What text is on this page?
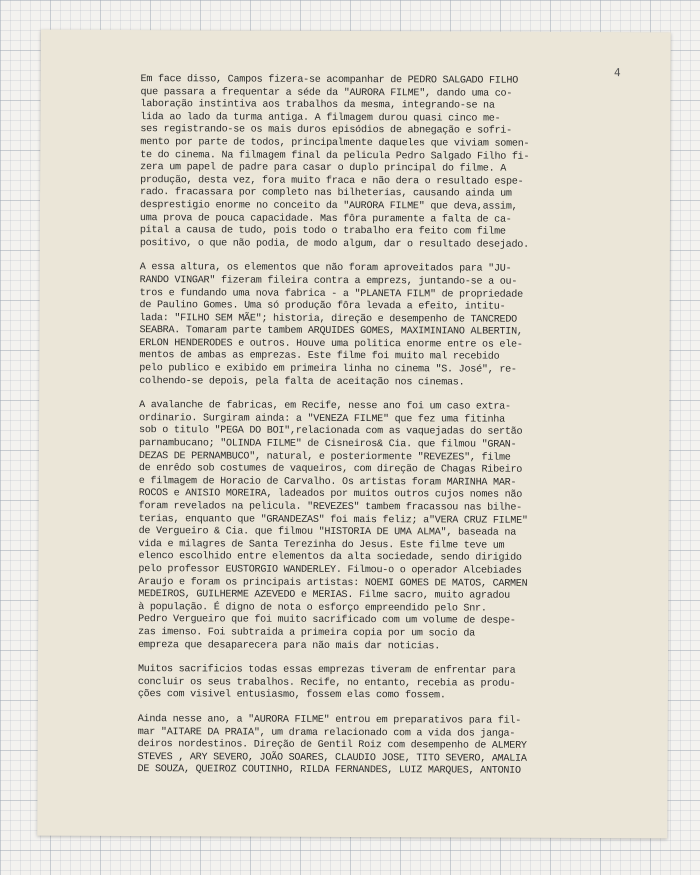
4
Em face disso, Campos fizera-se acompanhar de PEDRO SALGADO FILHO
que passara a frequentar a séde da "AURORA FILME", dando uma co-
laboração instintiva aos trabalhos da mesma, integrando-se na
lida ao lado da turma antiga. A filmagem durou quasi cinco me-
ses registrando-se os mais duros episódios de abnegação e sofri-
mento por parte de todos, principalmente daqueles que viviam somen-
te do cinema. Na filmagem final da pelicula Pedro Salgado Filho fi-
zera um papel de padre para casar o duplo principal do filme. A
produção, desta vez, fora muito fraca e não dera o resultado espe-
rado. fracassara por completo nas bilheterias, causando ainda um
desprestigio enorme no conceito da "AURORA FILME" que deva,assim,
uma prova de pouca capacidade. Mas fôra puramente a falta de ca-
pital a causa de tudo, pois todo o trabalho era feito com filme
positivo, o que não podia, de modo algum, dar o resultado desejado.
A essa altura, os elementos que não foram aproveitados para "JU-
RANDO VINGAR" fizeram fileira contra a emprezs, juntando-se a ou-
tros e fundando uma nova fabrica - a "PLANETA FILM" de propriedade
de Paulino Gomes. Uma só produção fôra levada a efeito, intitu-
lada: "FILHO SEM MÃE"; historia, direção e desempenho de TANCREDO
SEABRA. Tomaram parte tambem ARQUIDES GOMES, MAXIMINIANO ALBERTIN,
ERLON HENDERODES e outros. Houve uma politica enorme entre os ele-
mentos de ambas as emprezas. Este filme foi muito mal recebido
pelo publico e exibido em primeira linha no cinema "S. José", re-
colhendo-se depois, pela falta de aceitação nos cinemas.
A avalanche de fabricas, em Recife, nesse ano foi um caso extra-
ordinario. Surgiram ainda: a "VENEZA FILME" que fez uma fitinha
sob o titulo "PEGA DO BOI",relacionada com as vaquejadas do sertão
parnambucano; "OLINDA FILME" de Cisneiros& Cia. que filmou "GRAN-
DEZAS DE PERNAMBUCO", natural, e posteriormente "REVEZES", filme
de enrêdo sob costumes de vaqueiros, com direção de Chagas Ribeiro
e filmagem de Horacio de Carvalho. Os artistas foram MARINHA MAR-
ROCOS e ANISIO MOREIRA, ladeados por muitos outros cujos nomes não
foram revelados na pelicula. "REVEZES" tambem fracassou nas bilhe-
terias, enquanto que "GRANDEZAS" foi mais feliz; a"VERA CRUZ FILME"
de Vergueiro & Cia. que filmou "HISTORIA DE UMA ALMA", baseada na
vida e milagres de Santa Terezinha do Jesus. Este filme teve um
elenco escolhido entre elementos da alta sociedade, sendo dirigido
pelo professor EUSTORGIO WANDERLEY. Filmou-o o operador Alcebiades
Araujo e foram os principais artistas: NOEMI GOMES DE MATOS, CARMEN
MEDEIROS, GUILHERME AZEVEDO e MERIAS. Filme sacro, muito agradou
à população. É digno de nota o esforço empreendido pelo Snr.
Pedro Vergueiro que foi muito sacrificado com um volume de despe-
zas imenso. Foi subtraida a primeira copia por um socio da
empreza que desaparecera para não mais dar noticias.
Muitos sacrificios todas essas emprezas tiveram de enfrentar para
concluir os seus trabalhos. Recife, no entanto, recebia as produ-
ções com visivel entusiasmo, fossem elas como fossem.
Ainda nesse ano, a "AURORA FILME" entrou em preparativos para fil-
mar "AITARE DA PRAIA", um drama relacionado com a vida dos janga-
deiros nordestinos. Direção de Gentil Roiz com desempenho de ALMERY
STEVES , ARY SEVERO, JOÃO SOARES, CLAUDIO JOSE, TITO SEVERO, AMALIA
DE SOUZA, QUEIROZ COUTINHO, RILDA FERNANDES, LUIZ MARQUES, ANTONIO
